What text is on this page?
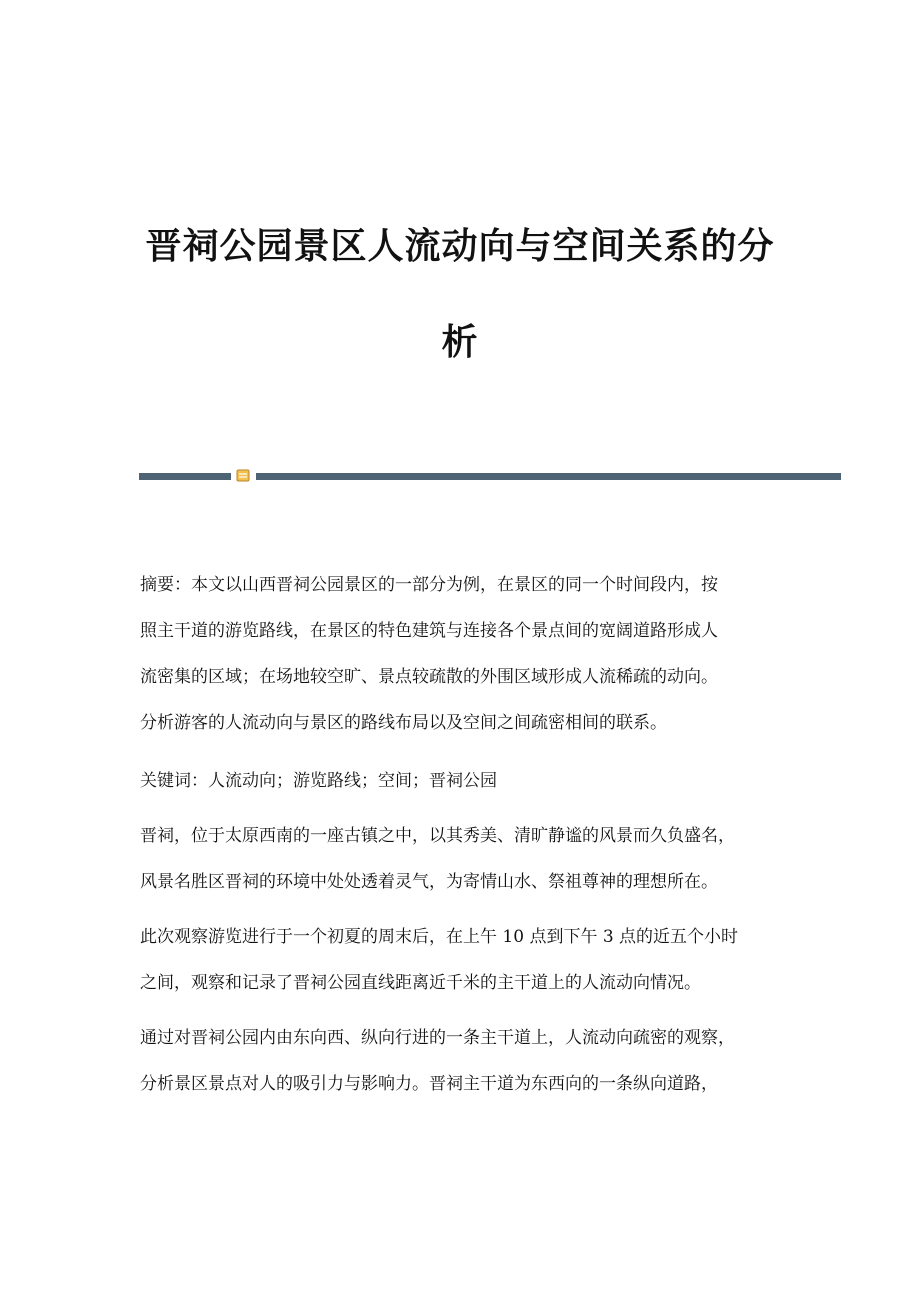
晋祠公园景区人流动向与空间关系的分
析

摘要：本文以山西晋祠公园景区的一部分为例，在景区的同一个时间段内，按

照主干道的游览路线，在景区的特色建筑与连接各个景点间的宽阔道路形成人

流密集的区域；在场地较空旷、景点较疏散的外围区域形成人流稀疏的动向。

分析游客的人流动向与景区的路线布局以及空间之间疏密相间的联系。

关键词：人流动向；游览路线；空间；晋祠公园

晋祠，位于太原西南的一座古镇之中，以其秀美、清旷静谧的风景而久负盛名，

风景名胜区晋祠的环境中处处透着灵气，为寄情山水、祭祖尊神的理想所在。

此次观察游览进行于一个初夏的周末后，在上午 10 点到下午 3 点的近五个小时

之间，观察和记录了晋祠公园直线距离近千米的主干道上的人流动向情况。

通过对晋祠公园内由东向西、纵向行进的一条主干道上，人流动向疏密的观察，

分析景区景点对人的吸引力与影响力。晋祠主干道为东西向的一条纵向道路，
